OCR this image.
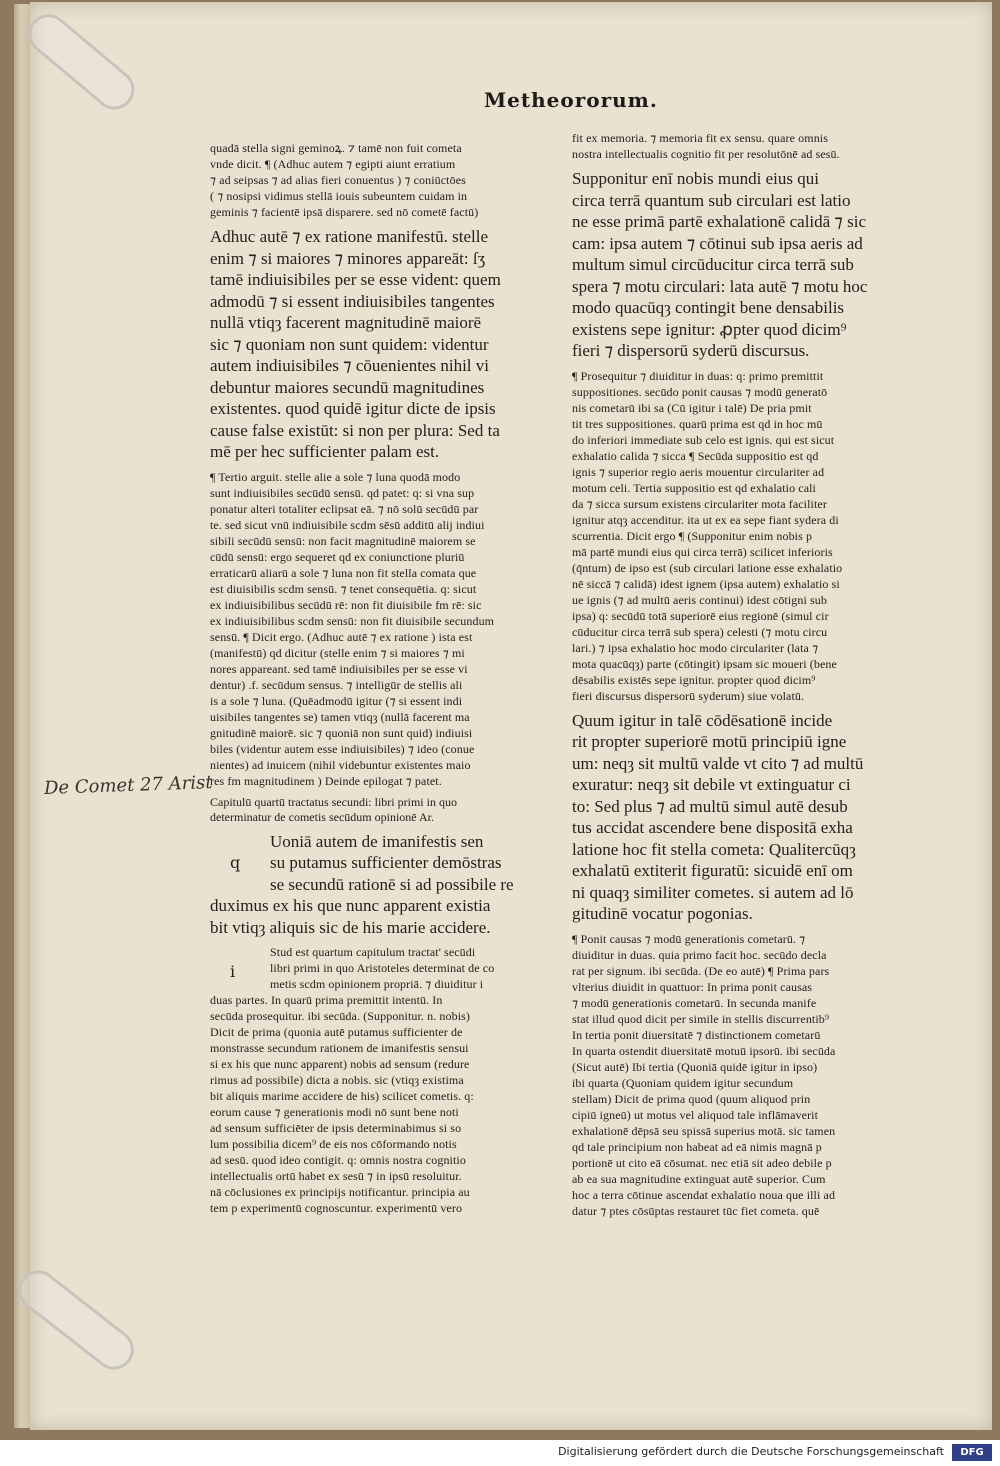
Metheororum.
De Comet 27 Arist

quadā stella signi geminoꝝ. ⁊ tamē non fuit cometa

vnde dicit. ¶ (Adhuc autem ⁊ egipti aiunt erratium

⁊ ad seipsas ⁊ ad alias fieri conuentus ) ⁊ coniūctōes

( ⁊ nosipsi vidimus stellā iouis subeuntem cuidam in

geminis ⁊ facientē ipsā disparere. sed nō cometē factū)

Adhuc autē ⁊ ex ratione manifestū. stelle

enim ⁊ si maiores ⁊ minores appareāt: ſʒ

tamē indiuisibiles per se esse vident: quem

admodū ⁊ si essent indiuisibiles tangentes

nullā vtiqȝ facerent magnitudinē maiorē

sic ⁊ quoniam non sunt quidem: videntur

autem indiuisibiles ⁊ cōuenientes nihil vi

debuntur maiores secundū magnitudines

existentes. quod quidē igitur dicte de ipsis

cause false existūt: si non per plura: Sed ta

mē per hec sufficienter palam est.

¶ Tertio arguit. stelle alie a sole ⁊ luna quodā modo

sunt indiuisibiles secūdū sensū. qd patet: q: si vna sup

ponatur alteri totaliter eclipsat eā. ⁊ nō solū secūdū par

te. sed sicut vnū indiuisibile scdm sēsū additū alij indiui

sibili secūdū sensū: non facit magnitudinē maiorem se

cūdū sensū: ergo sequeret qd ex coniunctione pluriū

erraticarū aliarū a sole ⁊ luna non fit stella comata que

est diuisibilis scdm sensū. ⁊ tenet consequētia. q: sicut

ex indiuisibilibus secūdū rē: non fit diuisibile fm rē: sic

ex indiuisibilibus scdm sensū: non fit diuisibile secundum

sensū. ¶ Dicit ergo. (Adhuc autē ⁊ ex ratione ) ista est

(manifestū) qd dicitur (stelle enim ⁊ si maiores ⁊ mi

nores appareant. sed tamē indiuisibiles per se esse vi

dentur) .f. secūdum sensus. ⁊ intelligūr de stellis ali

is a sole ⁊ luna. (Quēadmodū igitur (⁊ si essent indi

uisibiles tangentes se) tamen vtiqȝ (nullā facerent ma

gnitudinē maiorē. sic ⁊ quoniā non sunt quid) indiuisi

biles (videntur autem esse indiuisibiles) ⁊ ideo (conue

nientes) ad inuicem (nihil videbuntur existentes maio

res fm magnitudinem ) Deinde epilogat ⁊ patet.

Capitulū quartū tractatus secundi: libri primi in quo

determinatur de cometis secūdum opinionē Ar.

q

Uoniā autem de imanifestis sen

su putamus sufficienter demōstras

se secundū rationē si ad possibile re

duximus ex his que nunc apparent existia

bit vtiqȝ aliquis sic de his marie accidere.

i

Stud est quartum capitulum tractat' secūdi

libri primi in quo Aristoteles determinat de co

metis scdm opinionem propriā. ⁊ diuiditur i

duas partes. In quarū prima premittit intentū. In

secūda prosequitur. ibi secūda. (Supponitur. n. nobis)

Dicit de prima (quonia autē putamus sufficienter de

monstrasse secundum rationem de imanifestis sensui

si ex his que nunc apparent) nobis ad sensum (redure

rimus ad possibile) dicta a nobis. sic (vtiqȝ existima

bit aliquis marime accidere de his) scilicet cometis. q:

eorum cause ⁊ generationis modi nō sunt bene noti

ad sensum sufficiēter de ipsis determinabimus si so

lum possibilia dicem⁹ de eis nos cōformando notis

ad sesū. quod ideo contigit. q: omnis nostra cognitio

intellectualis ortū habet ex sesū ⁊ in ipsū resoluitur.

nā cōclusiones ex principijs notificantur. principia au

tem p experimentū cognoscuntur. experimentū vero

fit ex memoria. ⁊ memoria fit ex sensu. quare omnis

nostra intellectualis cognitio fit per resolutōnē ad sesū.

Supponitur enī nobis mundi eius qui

circa terrā quantum sub circulari est latio

ne esse primā partē exhalationē calidā ⁊ sic

cam: ipsa autem ⁊ cōtinui sub ipsa aeris ad

multum simul circūducitur circa terrā sub

spera ⁊ motu circulari: lata autē ⁊ motu hoc

modo quacūqȝ contingit bene densabilis

existens sepe ignitur: ꝓpter quod dicim⁹

fieri ⁊ dispersorū syderū discursus.

¶ Prosequitur ⁊ diuiditur in duas: q: primo premittit

suppositiones. secūdo ponit causas ⁊ modū generatō

nis cometarū ibi sa (Cū igitur i talē) De pria pmit

tit tres suppositiones. quarū prima est qd in hoc mū

do inferiori immediate sub celo est ignis. qui est sicut

exhalatio calida ⁊ sicca ¶ Secūda suppositio est qd

ignis ⁊ superior regio aeris mouentur circulariter ad

motum celi. Tertia suppositio est qd exhalatio cali

da ⁊ sicca sursum existens circulariter mota faciliter

ignitur atqȝ accenditur. ita ut ex ea sepe fiant sydera di

scurrentia. Dicit ergo ¶ (Supponitur enim nobis p

mā partē mundi eius qui circa terrā) scilicet inferioris

(q̄ntum) de ipso est (sub circulari latione esse exhalatio

nē siccā ⁊ calidā) idest ignem (ipsa autem) exhalatio si

ue ignis (⁊ ad multū aeris continui) idest cōtigni sub

ipsa) q: secūdū totā superiorē eius regionē (simul cir

cūducitur circa terrā sub spera) celesti (⁊ motu circu

lari.) ⁊ ipsa exhalatio hoc modo circulariter (lata ⁊

mota quacūqȝ) parte (cōtingit) ipsam sic moueri (bene

dēsabilis existēs sepe ignitur. propter quod dicim⁹

fieri discursus dispersorū syderum) siue volatū.

Quum igitur in talē cōdēsationē incide

rit propter superiorē motū principiū igne

um: neqȝ sit multū valde vt cito ⁊ ad multū

exuratur: neqȝ sit debile vt extinguatur ci

to: Sed plus ⁊ ad multū simul autē desub

tus accidat ascendere bene dispositā exha

latione hoc fit stella cometa: Qualitercūqȝ

exhalatū extiterit figuratū: sicuidē enī om

ni quaqȝ similiter cometes. si autem ad lō

gitudinē vocatur pogonias.

¶ Ponit causas ⁊ modū generationis cometarū. ⁊

diuiditur in duas. quia primo facit hoc. secūdo decla

rat per signum. ibi secūda. (De eo autē) ¶ Prima pars

vlterius diuidit in quattuor: In prima ponit causas

⁊ modū generationis cometarū. In secunda manife

stat illud quod dicit per simile in stellis discurrentib⁹

In tertia ponit diuersitatē ⁊ distinctionem cometarū

In quarta ostendit diuersitatē motuū ipsorū. ibi secūda

(Sicut autē) Ibi tertia (Quoniā quidē igitur in ipso)

ibi quarta (Quoniam quidem igitur secundum

stellam) Dicit de prima quod (quum aliquod prin

cipiū igneū) ut motus vel aliquod tale inflāmaverit

exhalationē dēpsā seu spissā superius motā. sic tamen

qd tale principium non habeat ad eā nimis magnā p

portionē ut cito eā cōsumat. nec etiā sit adeo debile p

ab ea sua magnitudine extinguat autē superior. Cum

hoc a terra cōtinue ascendat exhalatio noua que illi ad

datur ⁊ ptes cōsūptas restauret tūc fiet cometa. quē

Digitalisierung gefördert durch die Deutsche Forschungsgemeinschaft	DFG
